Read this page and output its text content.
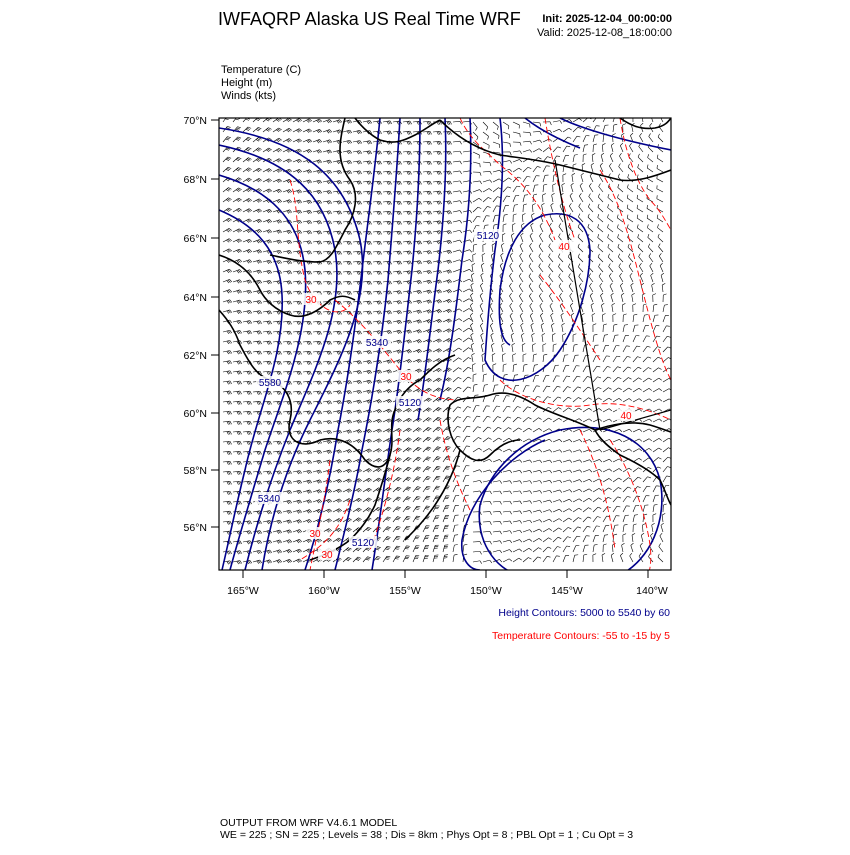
IWFAQRP Alaska US Real Time WRF Init: 2025-12-04_00:00:00
Valid: 2025-12-08_18:00:00
Temperature (C)
Height (m)
Winds (kts)
70°N
68°N
66°N
64°N
62°N
60°N
58°N
56°N
165°W	160°W	155°W	150°W	145°W	140°W
5120
5340
5580
5120
5340
5120
30
40
30
40
30
30
Height Contours: 5000 to 5540 by 60
Temperature Contours: -55 to -15 by 5
OUTPUT FROM WRF V4.6.1 MODEL
WE = 225 ; SN = 225 ; Levels = 38 ; Dis = 8km ; Phys Opt = 8 ; PBL Opt = 1 ; Cu Opt = 3
